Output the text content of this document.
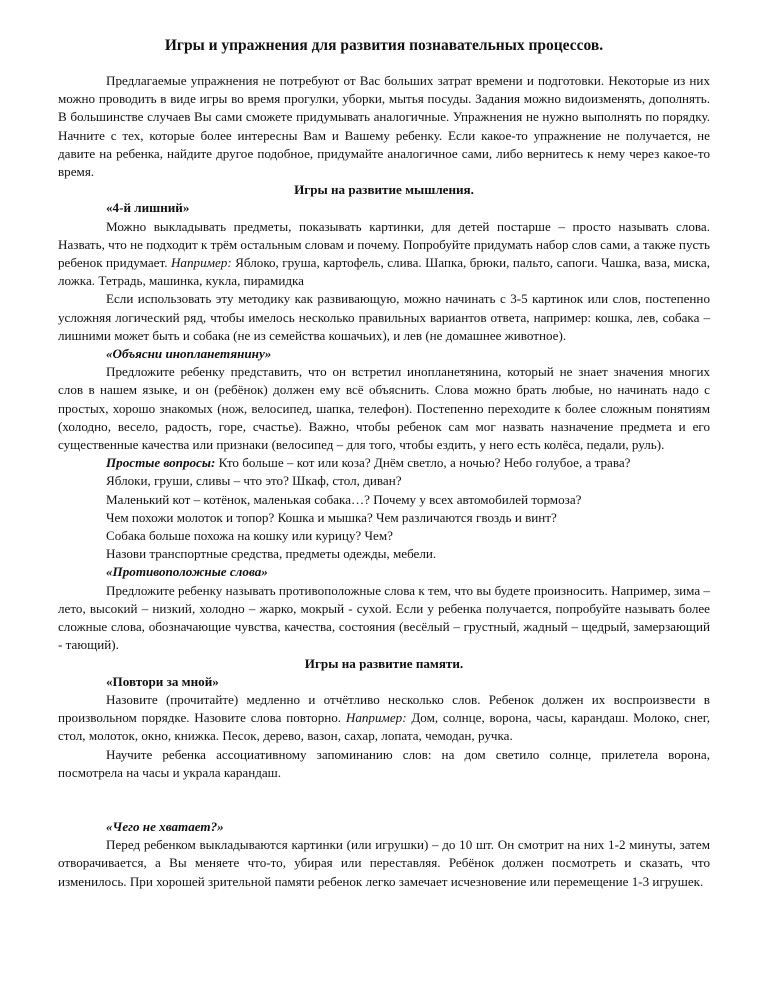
Игры и упражнения для развития познавательных процессов.

Предлагаемые упражнения не потребуют от Вас больших затрат времени и подготовки. Некоторые из них можно проводить в виде игры во время прогулки, уборки, мытья посуды. Задания можно видоизменять, дополнять. В большинстве случаев Вы сами сможете придумывать аналогичные. Упражнения не нужно выполнять по порядку. Начните с тех, которые более интересны Вам и Вашему ребенку. Если какое-то упражнение не получается, не давите на ребенка, найдите другое подобное, придумайте аналогичное сами, либо вернитесь к нему через какое-то время.

Игры на развитие мышления.

«4-й лишний»

Можно выкладывать предметы, показывать картинки, для детей постарше – просто называть слова. Назвать, что не подходит к трём остальным словам и почему. Попробуйте придумать набор слов сами, а также пусть ребенок придумает. Например: Яблоко, груша, картофель, слива. Шапка, брюки, пальто, сапоги. Чашка, ваза, миска, ложка. Тетрадь, машинка, кукла, пирамидка

Если использовать эту методику как развивающую, можно начинать с 3-5 картинок или слов, постепенно усложняя логический ряд, чтобы имелось несколько правильных вариантов ответа, например: кошка, лев, собака – лишними может быть и собака (не из семейства кошачьих), и лев (не домашнее животное).

«Объясни инопланетянину»

Предложите ребенку представить, что он встретил инопланетянина, который не знает значения многих слов в нашем языке, и он (ребёнок) должен ему всё объяснить. Слова можно брать любые, но начинать надо с простых, хорошо знакомых (нож, велосипед, шапка, телефон). Постепенно переходите к более сложным понятиям (холодно, весело, радость, горе, счастье). Важно, чтобы ребенок сам мог назвать назначение предмета и его существенные качества или признаки (велосипед – для того, чтобы ездить, у него есть колёса, педали, руль).

Простые вопросы: Кто больше – кот или коза? Днём светло, а ночью? Небо голубое, а трава?

Яблоки, груши, сливы – что это? Шкаф, стол, диван?

Маленький кот – котёнок, маленькая собака…? Почему у всех автомобилей тормоза?

Чем похожи молоток и топор? Кошка и мышка? Чем различаются гвоздь и винт?

Собака больше похожа на кошку или курицу? Чем?

Назови транспортные средства, предметы одежды, мебели.

«Противоположные слова»

Предложите ребенку называть противоположные слова к тем, что вы будете произносить. Например, зима – лето, высокий – низкий, холодно – жарко, мокрый - сухой. Если у ребенка получается, попробуйте называть более сложные слова, обозначающие чувства, качества, состояния (весёлый – грустный, жадный – щедрый, замерзающий - тающий).

Игры на развитие памяти.

«Повтори за мной»

Назовите (прочитайте) медленно и отчётливо несколько слов. Ребенок должен их воспроизвести в произвольном порядке. Назовите слова повторно. Например: Дом, солнце, ворона, часы, карандаш. Молоко, снег, стол, молоток, окно, книжка. Песок, дерево, вазон, сахар, лопата, чемодан, ручка.

Научите ребенка ассоциативному запоминанию слов: на дом светило солнце, прилетела ворона, посмотрела на часы и украла карандаш.

«Чего не хватает?»

Перед ребенком выкладываются картинки (или игрушки) – до 10 шт. Он смотрит на них 1-2 минуты, затем отворачивается, а Вы меняете что-то, убирая или переставляя. Ребёнок должен посмотреть и сказать, что изменилось. При хорошей зрительной памяти ребенок легко замечает исчезновение или перемещение 1-3 игрушек.
